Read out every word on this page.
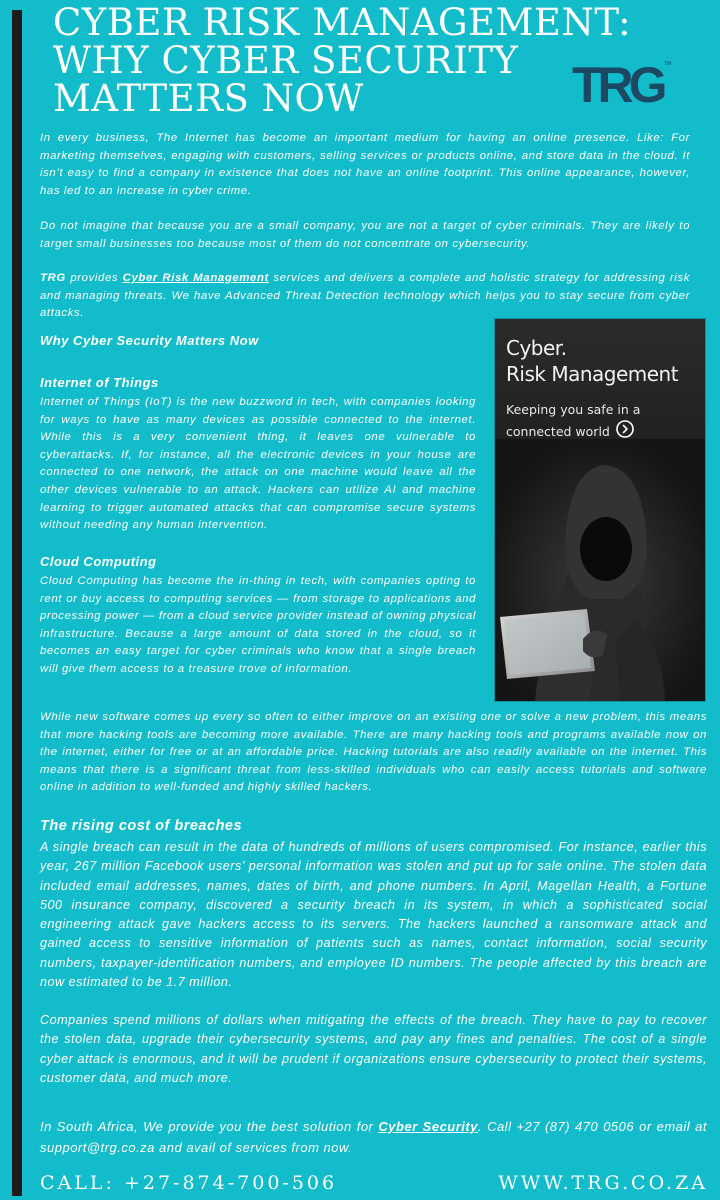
CYBER RISK MANAGEMENT:
WHY CYBER SECURITY
MATTERS NOW	TRG TM

In every business, The Internet has become an important medium for having an online presence. Like: For marketing themselves, engaging with customers, selling services or products online, and store data in the cloud. It isn’t easy to find a company in existence that does not have an online footprint. This online appearance, however, has led to an increase in cyber crime.

Do not imagine that because you are a small company, you are not a target of cyber criminals. They are likely to target small businesses too because most of them do not concentrate on cybersecurity.

TRG provides Cyber Risk Management services and delivers a complete and holistic strategy for addressing risk and managing threats. We have Advanced Threat Detection technology which helps you to stay secure from cyber attacks.

Why Cyber Security Matters Now
Internet of Things

Internet of Things (IoT) is the new buzzword in tech, with companies looking for ways to have as many devices as possible connected to the internet. While this is a very convenient thing, it leaves one vulnerable to cyberattacks. If, for instance, all the electronic devices in your house are connected to one network, the attack on one machine would leave all the other devices vulnerable to an attack. Hackers can utilize AI and machine learning to trigger automated attacks that can compromise secure systems without needing any human intervention.

Cloud Computing

Cloud Computing has become the in-thing in tech, with companies opting to rent or buy access to computing services — from storage to applications and processing power — from a cloud service provider instead of owning physical infrastructure. Because a large amount of data stored in the cloud, so it becomes an easy target for cyber criminals who know that a single breach will give them access to a treasure trove of information.

Cyber.
Risk Management
Keeping you safe in a
connected world

While new software comes up every so often to either improve on an existing one or solve a new problem, this means that more hacking tools are becoming more available. There are many hacking tools and programs available now on the internet, either for free or at an affordable price. Hacking tutorials are also readily available on the internet. This means that there is a significant threat from less-skilled individuals who can easily access tutorials and software online in addition to well-funded and highly skilled hackers.

The rising cost of breaches

A single breach can result in the data of hundreds of millions of users compromised. For instance, earlier this year, 267 million Facebook users’ personal information was stolen and put up for sale online. The stolen data included email addresses, names, dates of birth, and phone numbers. In April, Magellan Health, a Fortune 500 insurance company, discovered a security breach in its system, in which a sophisticated social engineering attack gave hackers access to its servers. The hackers launched a ransomware attack and gained access to sensitive information of patients such as names, contact information, social security numbers, taxpayer-identification numbers, and employee ID numbers. The people affected by this breach are now estimated to be 1.7 million.

Companies spend millions of dollars when mitigating the effects of the breach. They have to pay to recover the stolen data, upgrade their cybersecurity systems, and pay any fines and penalties. The cost of a single cyber attack is enormous, and it will be prudent if organizations ensure cybersecurity to protect their systems, customer data, and much more.

In South Africa, We provide you the best solution for Cyber Security. Call +27 (87) 470 0506 or email at support@trg.co.za and avail of services from now.

CALL: +27-874-700-506	WWW.TRG.CO.ZA
